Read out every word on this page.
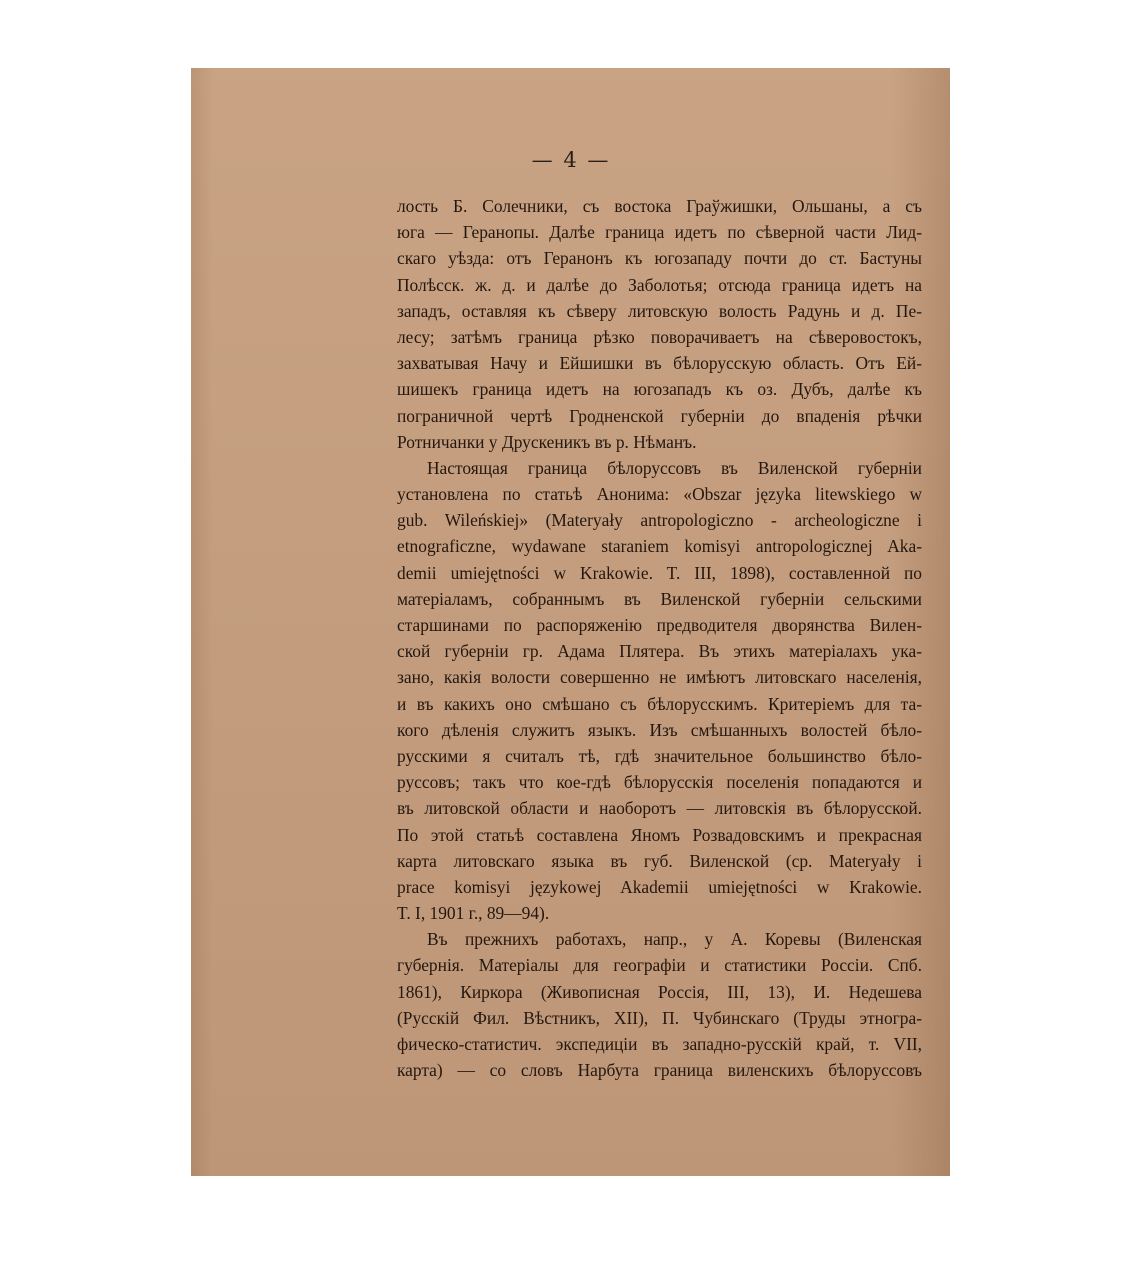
— 4 —
лость Б. Солечники, съ востока Граўжишки, Ольшаны, а съ
юга — Геранопы. Далѣе граница идетъ по сѣверной части Лид-
скаго уѣзда: отъ Геранонъ къ югозападу почти до ст. Бастуны
Полѣсск. ж. д. и далѣе до Заболотья; отсюда граница идетъ на
западъ, оставляя къ сѣверу литовскую волость Радунь и д. Пе-
лесу; затѣмъ граница рѣзко поворачиваетъ на сѣверовостокъ,
захватывая Начу и Ейшишки въ бѣлорусскую область. Отъ Ей-
шишекъ граница идетъ на югозападъ къ оз. Дубъ, далѣе къ
пограничной чертѣ Гродненской губерніи до впаденія рѣчки
Ротничанки у Друскеникъ въ р. Нѣманъ.
Настоящая граница бѣлоруссовъ въ Виленской губерніи
установлена по статьѣ Анонима: «Obszar języka litewskiego w
gub. Wileńskiej» (Materyały antropologiczno - archeologiczne i
etnograficzne, wydawane staraniem komisyi antropologicznej Aka-
demii umiejętności w Krakowie. T. III, 1898), составленной по
матеріаламъ, собраннымъ въ Виленской губерніи сельскими
старшинами по распоряженію предводителя дворянства Вилен-
ской губерніи гр. Адама Плятера. Въ этихъ матеріалахъ ука-
зано, какія волости совершенно не имѣютъ литовскаго населенія,
и въ какихъ оно смѣшано съ бѣлорусскимъ. Критеріемъ для та-
кого дѣленія служитъ языкъ. Изъ смѣшанныхъ волостей бѣло-
русскими я считалъ тѣ, гдѣ значительное большинство бѣло-
руссовъ; такъ что кое-гдѣ бѣлорусскія поселенія попадаются и
въ литовской области и наоборотъ — литовскія въ бѣлорусской.
По этой статьѣ составлена Яномъ Розвадовскимъ и прекрасная
карта литовскаго языка въ губ. Виленской (ср. Materyały i
prace komisyi językowej Akademii umiejętności w Krakowie.
T. I, 1901 г., 89—94).
Въ прежнихъ работахъ, напр., у А. Коревы (Виленская
губернія. Матеріалы для географіи и статистики Россіи. Спб.
1861), Киркора (Живописная Россія, III, 13), И. Недешева
(Русскій Фил. Вѣстникъ, XII), П. Чубинскаго (Труды этногра-
фическо-статистич. экспедиціи въ западно-русскій край, т. VII,
карта) — со словъ Нарбута граница виленскихъ бѣлоруссовъ
